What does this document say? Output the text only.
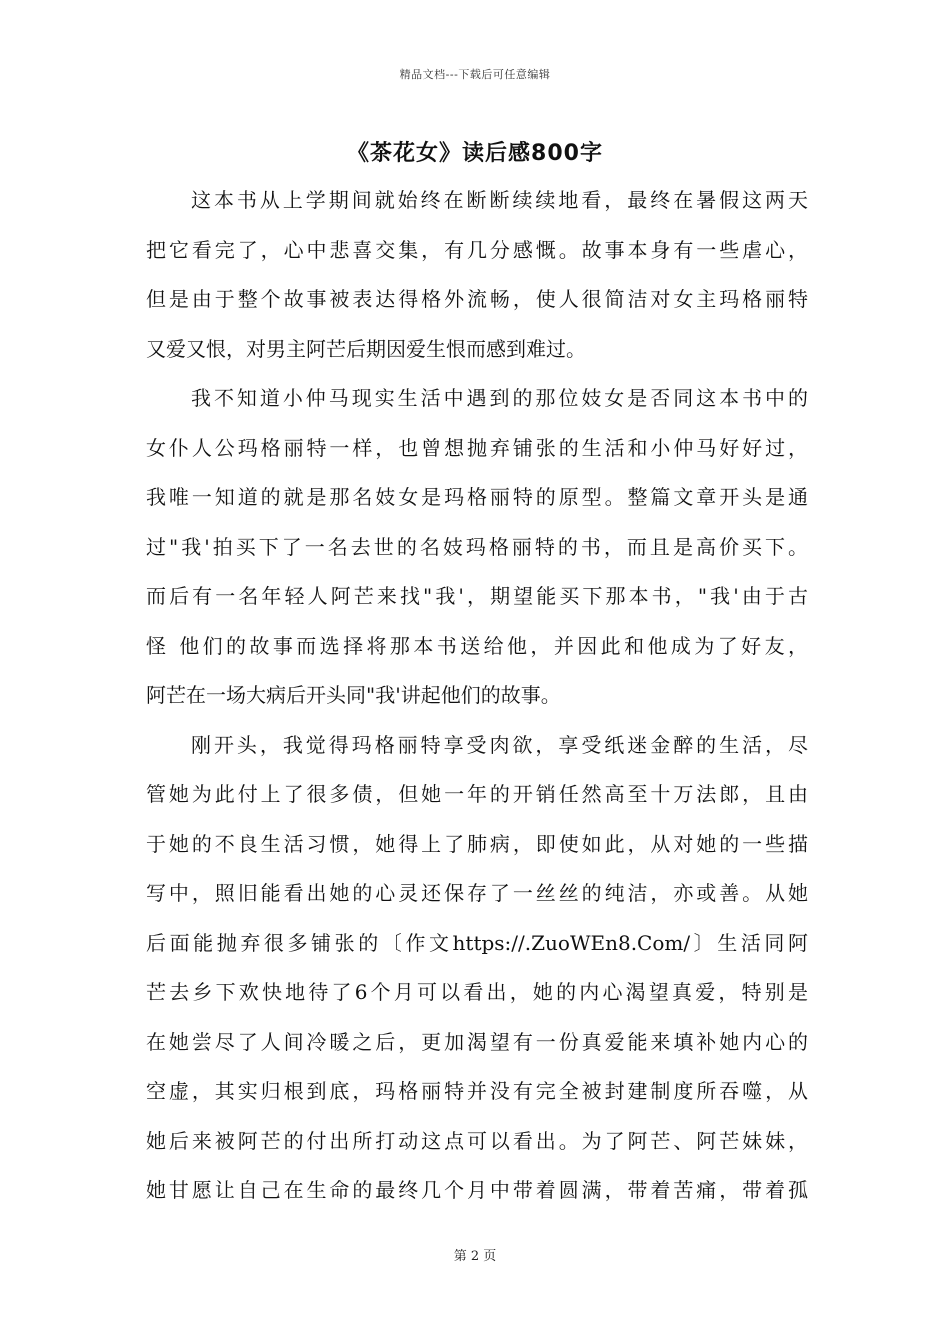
精品文档---下载后可任意编辑
《茶花女》读后感800字
这本书从上学期间就始终在断断续续地看，最终在暑假这两天
把它看完了，心中悲喜交集，有几分感慨。故事本身有一些虐心，
但是由于整个故事被表达得格外流畅，使人很简洁对女主玛格丽特
又爱又恨，对男主阿芒后期因爱生恨而感到难过。
我不知道小仲马现实生活中遇到的那位妓女是否同这本书中的
女仆人公玛格丽特一样，也曾想抛弃铺张的生活和小仲马好好过，
我唯一知道的就是那名妓女是玛格丽特的原型。整篇文章开头是通
过"我'拍买下了一名去世的名妓玛格丽特的书，而且是高价买下。
而后有一名年轻人阿芒来找"我'，期望能买下那本书，"我'由于古
怪 他们的故事而选择将那本书送给他，并因此和他成为了好友，
阿芒在一场大病后开头同"我'讲起他们的故事。
刚开头，我觉得玛格丽特享受肉欲，享受纸迷金醉的生活，尽
管她为此付上了很多债，但她一年的开销任然高至十万法郎，且由
于她的不良生活习惯，她得上了肺病，即使如此，从对她的一些描
写中，照旧能看出她的心灵还保存了一丝丝的纯洁，亦或善。从她
后面能抛弃很多铺张的〔作文https://.ZuoWEn8.Com/〕生活同阿
芒去乡下欢快地待了6个月可以看出，她的内心渴望真爱，特别是
在她尝尽了人间冷暖之后，更加渴望有一份真爱能来填补她内心的
空虚，其实归根到底，玛格丽特并没有完全被封建制度所吞噬，从
她后来被阿芒的付出所打动这点可以看出。为了阿芒、阿芒妹妹，
她甘愿让自己在生命的最终几个月中带着圆满，带着苦痛，带着孤
第 2 页
